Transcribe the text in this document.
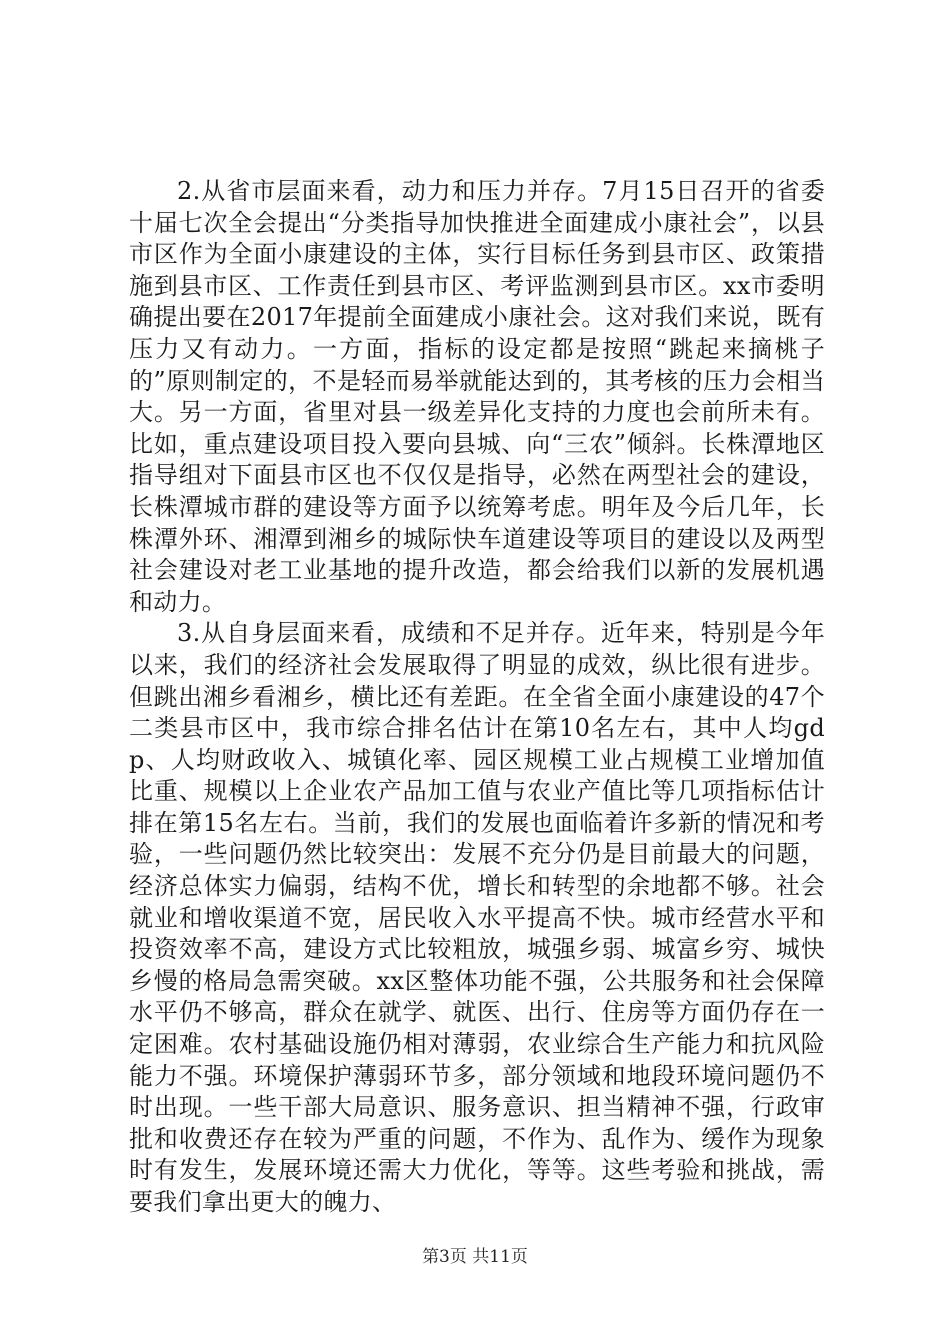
2.从省市层面来看，动力和压力并存。7月15日召开的省委十届七次全会提出“分类指导加快推进全面建成小康社会”，以县市区作为全面小康建设的主体，实行目标任务到县市区、政策措施到县市区、工作责任到县市区、考评监测到县市区。xx市委明确提出要在2017年提前全面建成小康社会。这对我们来说，既有压力又有动力。一方面，指标的设定都是按照“跳起来摘桃子的”原则制定的，不是轻而易举就能达到的，其考核的压力会相当大。另一方面，省里对县一级差异化支持的力度也会前所未有。比如，重点建设项目投入要向县城、向“三农”倾斜。长株潭地区指导组对下面县市区也不仅仅是指导，必然在两型社会的建设，长株潭城市群的建设等方面予以统筹考虑。明年及今后几年，长株潭外环、湘潭到湘乡的城际快车道建设等项目的建设以及两型社会建设对老工业基地的提升改造，都会给我们以新的发展机遇和动力。

3.从自身层面来看，成绩和不足并存。近年来，特别是今年以来，我们的经济社会发展取得了明显的成效，纵比很有进步。但跳出湘乡看湘乡，横比还有差距。在全省全面小康建设的47个二类县市区中，我市综合排名估计在第10名左右，其中人均gdp、人均财政收入、城镇化率、园区规模工业占规模工业增加值比重、规模以上企业农产品加工值与农业产值比等几项指标估计排在第15名左右。当前，我们的发展也面临着许多新的情况和考验，一些问题仍然比较突出：发展不充分仍是目前最大的问题，经济总体实力偏弱，结构不优，增长和转型的余地都不够。社会就业和增收渠道不宽，居民收入水平提高不快。城市经营水平和投资效率不高，建设方式比较粗放，城强乡弱、城富乡穷、城快乡慢的格局急需突破。xx区整体功能不强，公共服务和社会保障水平仍不够高，群众在就学、就医、出行、住房等方面仍存在一定困难。农村基础设施仍相对薄弱，农业综合生产能力和抗风险能力不强。环境保护薄弱环节多，部分领域和地段环境问题仍不时出现。一些干部大局意识、服务意识、担当精神不强，行政审批和收费还存在较为严重的问题，不作为、乱作为、缓作为现象时有发生，发展环境还需大力优化，等等。这些考验和挑战，需要我们拿出更大的魄力、

第3页 共11页
